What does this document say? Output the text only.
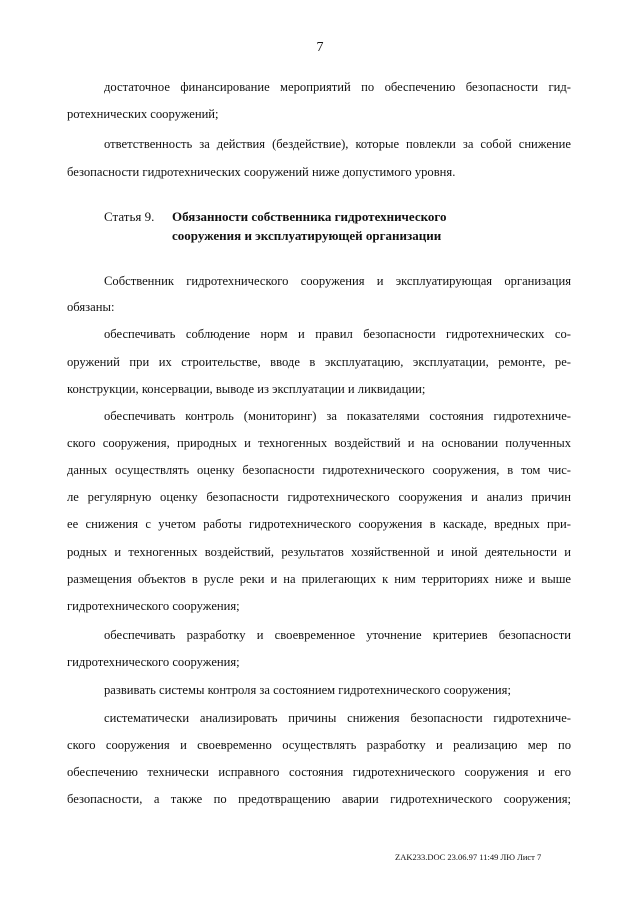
7
достаточное финансирование мероприятий по обеспечению безопасности гид-
ротехнических сооружений;
ответственность за действия (бездействие), которые повлекли за собой снижение
безопасности гидротехнических сооружений ниже допустимого уровня.
Статья 9. Обязанности собственника гидротехнического
сооружения и эксплуатирующей организации
Собственник гидротехнического сооружения и эксплуатирующая организация
обязаны:
обеспечивать соблюдение норм и правил безопасности гидротехнических со-
оружений при их строительстве, вводе в эксплуатацию, эксплуатации, ремонте, ре-
конструкции, консервации, выводе из эксплуатации и ликвидации;
обеспечивать контроль (мониторинг) за показателями состояния гидротехниче-
ского сооружения, природных и техногенных воздействий и на основании полученных
данных осуществлять оценку безопасности гидротехнического сооружения, в том чис-
ле регулярную оценку безопасности гидротехнического сооружения и анализ причин
ее снижения с учетом работы гидротехнического сооружения в каскаде, вредных при-
родных и техногенных воздействий, результатов хозяйственной и иной деятельности и
размещения объектов в русле реки и на прилегающих к ним территориях ниже и выше
гидротехнического сооружения;
обеспечивать разработку и своевременное уточнение критериев безопасности
гидротехнического сооружения;
развивать системы контроля за состоянием гидротехнического сооружения;
систематически анализировать причины снижения безопасности гидротехниче-
ского сооружения и своевременно осуществлять разработку и реализацию мер по
обеспечению технически исправного состояния гидротехнического сооружения и его
безопасности, а также по предотвращению аварии гидротехнического сооружения;
ZAK233.DOC 23.06.97 11:49 ЛЮ Лист 7
